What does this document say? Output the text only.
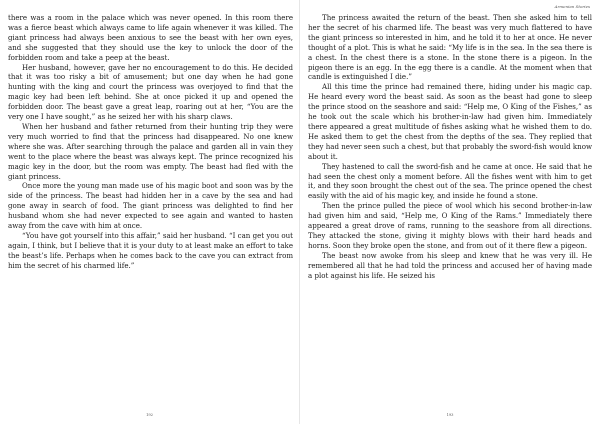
there was a room in the palace which was never opened. In this room there was a fierce beast which always came to life again whenever it was killed. The giant princess had always been anxious to see the beast with her own eyes, and she suggested that they should use the key to unlock the door of the forbidden room and take a peep at the beast.

Her husband, however, gave her no encouragement to do this. He decided that it was too risky a bit of amusement; but one day when he had gone hunting with the king and court the princess was overjoyed to find that the magic key had been left behind. She at once picked it up and opened the forbidden door. The beast gave a great leap, roaring out at her, “You are the very one I have sought,” as he seized her with his sharp claws.

When her husband and father returned from their hunting trip they were very much worried to find that the princess had disappeared. No one knew where she was. After searching through the palace and garden all in vain they went to the place where the beast was always kept. The prince recognized his magic key in the door, but the room was empty. The beast had fled with the giant princess.

Once more the young man made use of his magic boot and soon was by the side of the princess. The beast had hidden her in a cave by the sea and had gone away in search of food. The giant princess was delighted to find her husband whom she had never expected to see again and wanted to hasten away from the cave with him at once.

“You have got yourself into this affair,” said her husband. “I can get you out again, I think, but I believe that it is your duty to at least make an effort to take the beast’s life. Perhaps when he comes back to the cave you can extract from him the secret of his charmed life.”

192
Armenian Stories

The princess awaited the return of the beast. Then she asked him to tell her the secret of his charmed life. The beast was very much flattered to have the giant princess so interested in him, and he told it to her at once. He never thought of a plot. This is what he said: “My life is in the sea. In the sea there is a chest. In the chest there is a stone. In the stone there is a pigeon. In the pigeon there is an egg. In the egg there is a candle. At the moment when that candle is extinguished I die.”

All this time the prince had remained there, hiding under his magic cap. He heard every word the beast said. As soon as the beast had gone to sleep the prince stood on the seashore and said: “Help me, O King of the Fishes,” as he took out the scale which his brother-in-law had given him. Immediately there appeared a great multitude of fishes asking what he wished them to do. He asked them to get the chest from the depths of the sea. They replied that they had never seen such a chest, but that probably the sword-fish would know about it.

They hastened to call the sword-fish and he came at once. He said that he had seen the chest only a moment before. All the fishes went with him to get it, and they soon brought the chest out of the sea. The prince opened the chest easily with the aid of his magic key, and inside he found a stone.

Then the prince pulled the piece of wool which his second brother-in-law had given him and said, “Help me, O King of the Rams.” Immediately there appeared a great drove of rams, running to the seashore from all directions. They attacked the stone, giving it mighty blows with their hard heads and horns. Soon they broke open the stone, and from out of it there flew a pigeon.

The beast now awoke from his sleep and knew that he was very ill. He remembered all that he had told the princess and accused her of having made a plot against his life. He seized his

193
